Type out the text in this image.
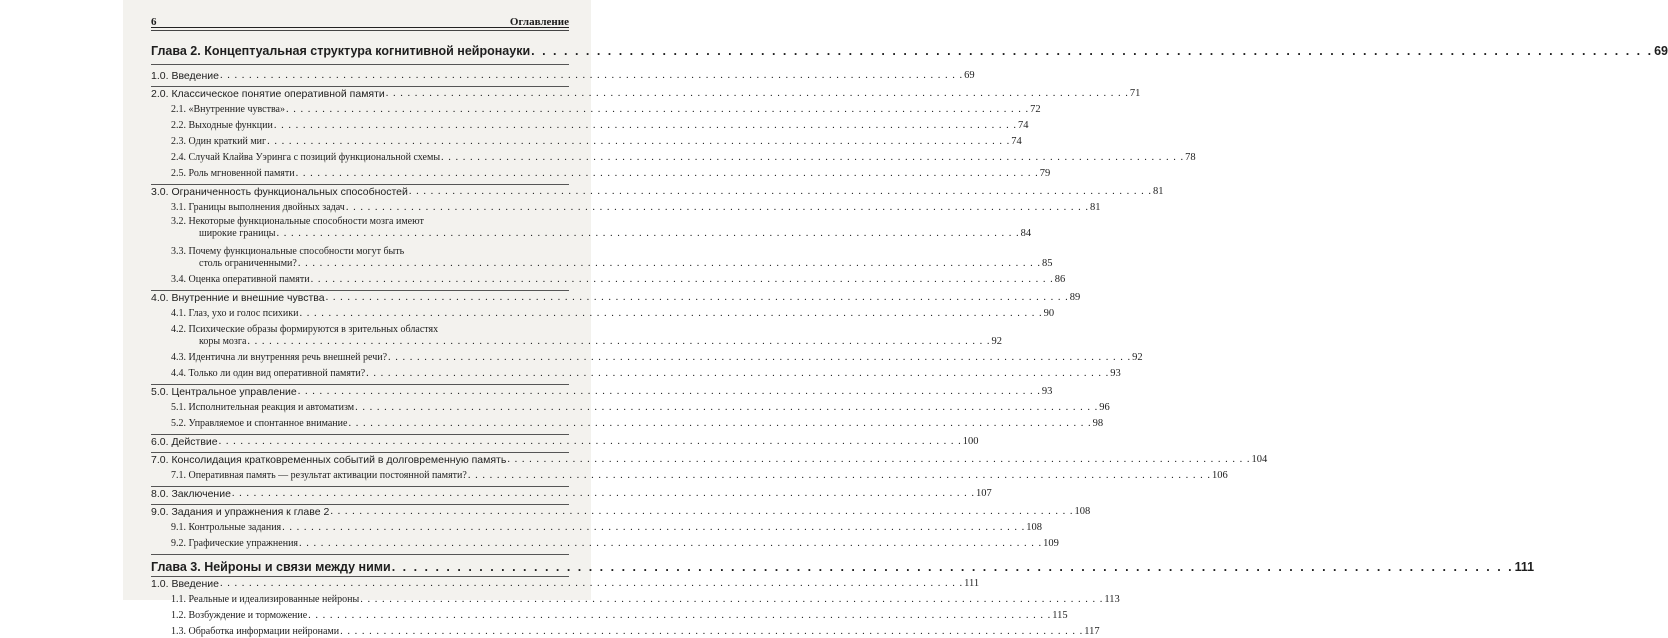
6	Оглавление
Глава 2. Концептуальная структура когнитивной нейронауки . . .	69
1.0. Введение . . .	69
2.0. Классическое понятие оперативной памяти . . .	71
2.1. «Внутренние чувства» . . .	72
2.2. Выходные функции . . .	74
2.3. Один краткий миг . . .	74
2.4. Случай Клайва Уэринга с позиций функциональной схемы . . .	78
2.5. Роль мгновенной памяти . . .	79
3.0. Ограниченность функциональных способностей . . .	81
3.1. Границы выполнения двойных задач . . .	81
3.2. Некоторые функциональные способности мозга имеют
широкие границы . . .	84
3.3. Почему функциональные способности могут быть
столь ограниченными? . . .	85
3.4. Оценка оперативной памяти . . .	86
4.0. Внутренние и внешние чувства . . .	89
4.1. Глаз, ухо и голос психики . . .	90
4.2. Психические образы формируются в зрительных областях
коры мозга . . .	92
4.3. Идентична ли внутренняя речь внешней речи? . . .	92
4.4. Только ли один вид оперативной памяти? . . .	93
5.0. Центральное управление . . .	93
5.1. Исполнительная реакция и автоматизм . . .	96
5.2. Управляемое и спонтанное внимание . . .	98
6.0. Действие . . .	100
7.0. Консолидация кратковременных событий в долговременную память . . .	104
7.1. Оперативная память — результат активации постоянной памяти? . . .	106
8.0. Заключение . . .	107
9.0. Задания и упражнения к главе 2 . . .	108
9.1. Контрольные задания . . .	108
9.2. Графические упражнения . . .	109
Глава 3. Нейроны и связи между ними . . .	111
1.0. Введение . . .	111
1.1. Реальные и идеализированные нейроны . . .	113
1.2. Возбуждение и торможение . . .	115
1.3. Обработка информации нейронами . . .	117
